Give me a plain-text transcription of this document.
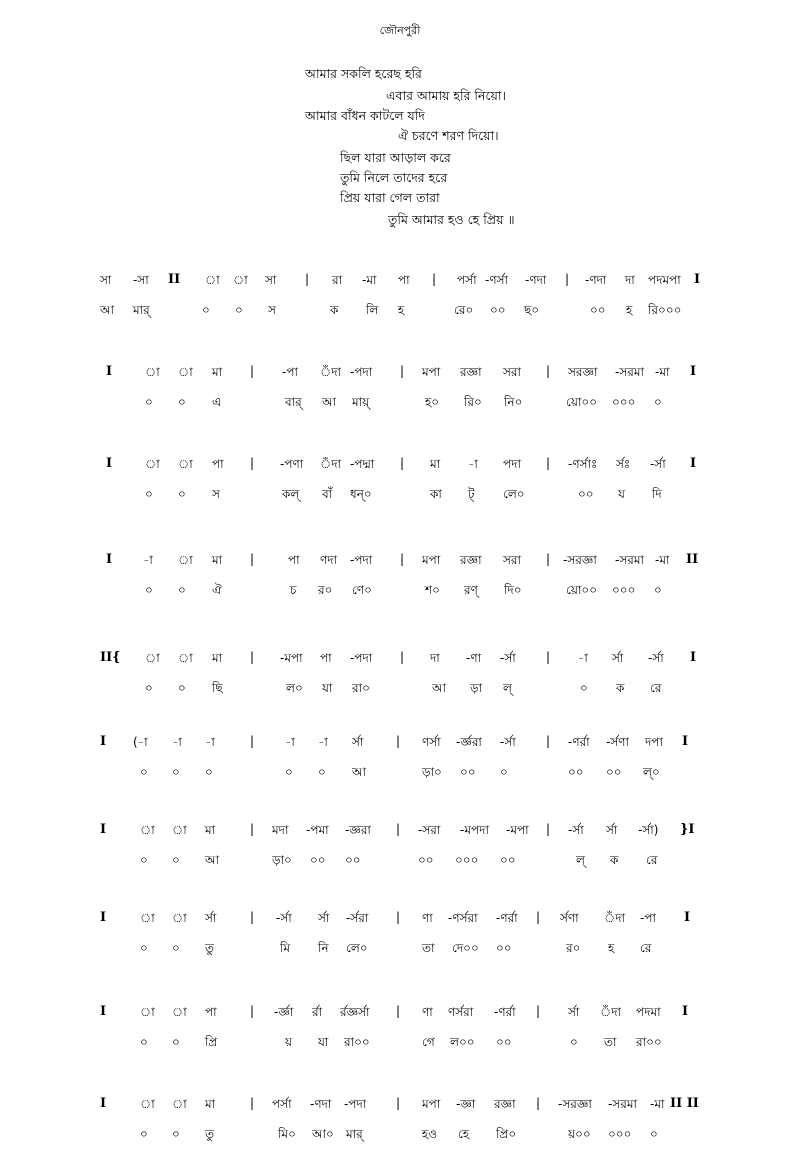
জৌনপুরী
আমার সকলি হরেছ হরি
এবার আমায় হরি নিয়ো।
আমার বাঁধন কাটলে যদি
ঐ চরণে শরণ দিয়ো।
ছিল যারা আড়াল করে
তুমি নিলে তাদের হরে
প্রিয় যারা গেল তারা
তুমি আমার হও হে প্রিয় ॥
সা -সা II া া সা | রা -মা পা | পর্সা -ণর্সা -ণদা | -ণদা দা পদমপা I
আ মার্	০ ০ স	ক লি হ	রে০ ০০ ছ০	০০ হ রি০০০
I	া া মা | -পা ঁদা -পদা | মপা রজ্ঞা সরা | সরজ্ঞা -সরমা -মা I
০ ০ এ	বার্ আ মায়্	হ০ রি০ নি০	য়ো০০ ০০০ ০
I	া া পা | -পণা ঁদা -পদ্মা | মা -া পদা | -ণর্সাঃ র্সঃ -র্সা I
০ ০ স	কল্ বাঁ ধন্০	কা ট্ লে০	০০ য দি
I	-া া মা |	পা ণদা -পদা | মপা রজ্ঞা সরা | -সরজ্ঞা -সরমা -মা II
০ ০ ঐ	চ র০ ণে০	শ০ রণ্ দি০	য়ো০০ ০০০ ০
II{ া া মা | -মপা পা -পদা | দা -ণা -র্সা	| -া র্সা -র্সা I
০ ০ ছি	ল০ যা রা০	আ ড়া ল্	০ ক রে
I (-া -া -া	|	-া -া র্সা	| ণর্সা -র্জ্ঞরা -র্সা	| -ণর্রা -র্সণা দপা I
০ ০ ০	০ ০ আ	ড়া০ ০০ ০	০০ ০০ ল্০
I	া া মা	| মদা -পমা -জ্ঞরা | -সরা -মপদা -মপা | -র্সা র্সা -র্সা) }I
০ ০ আ	ড়া০ ০০ ০০	০০ ০০০ ০০	ল্ ক রে
I	া া র্সা	| -র্সা র্সা -র্সরা | ণা -ণর্সরা -ণর্রা | র্সণা ঁদা -পা I
০ ০ তু	মি নি লে০	তা দে০০ ০০	র০ হ রে
I	া া পা	| -র্জ্ঞা র্রা র্রজ্ঞর্সা | ণা ণর্সরা -ণর্রা | র্সা ঁদা পদমা I
০ ০ প্রি	য় যা রা০০	গে ল০০ ০০	০ তা রা০০
I	া া মা	| পর্সা -ণদা -পদা | মপা -জ্ঞা রজ্ঞা | -সরজ্ঞা -সরমা -মা II II
০ ০ তু	মি০ আ০ মার্	হও হে প্রি০	য়০০ ০০০ ০
